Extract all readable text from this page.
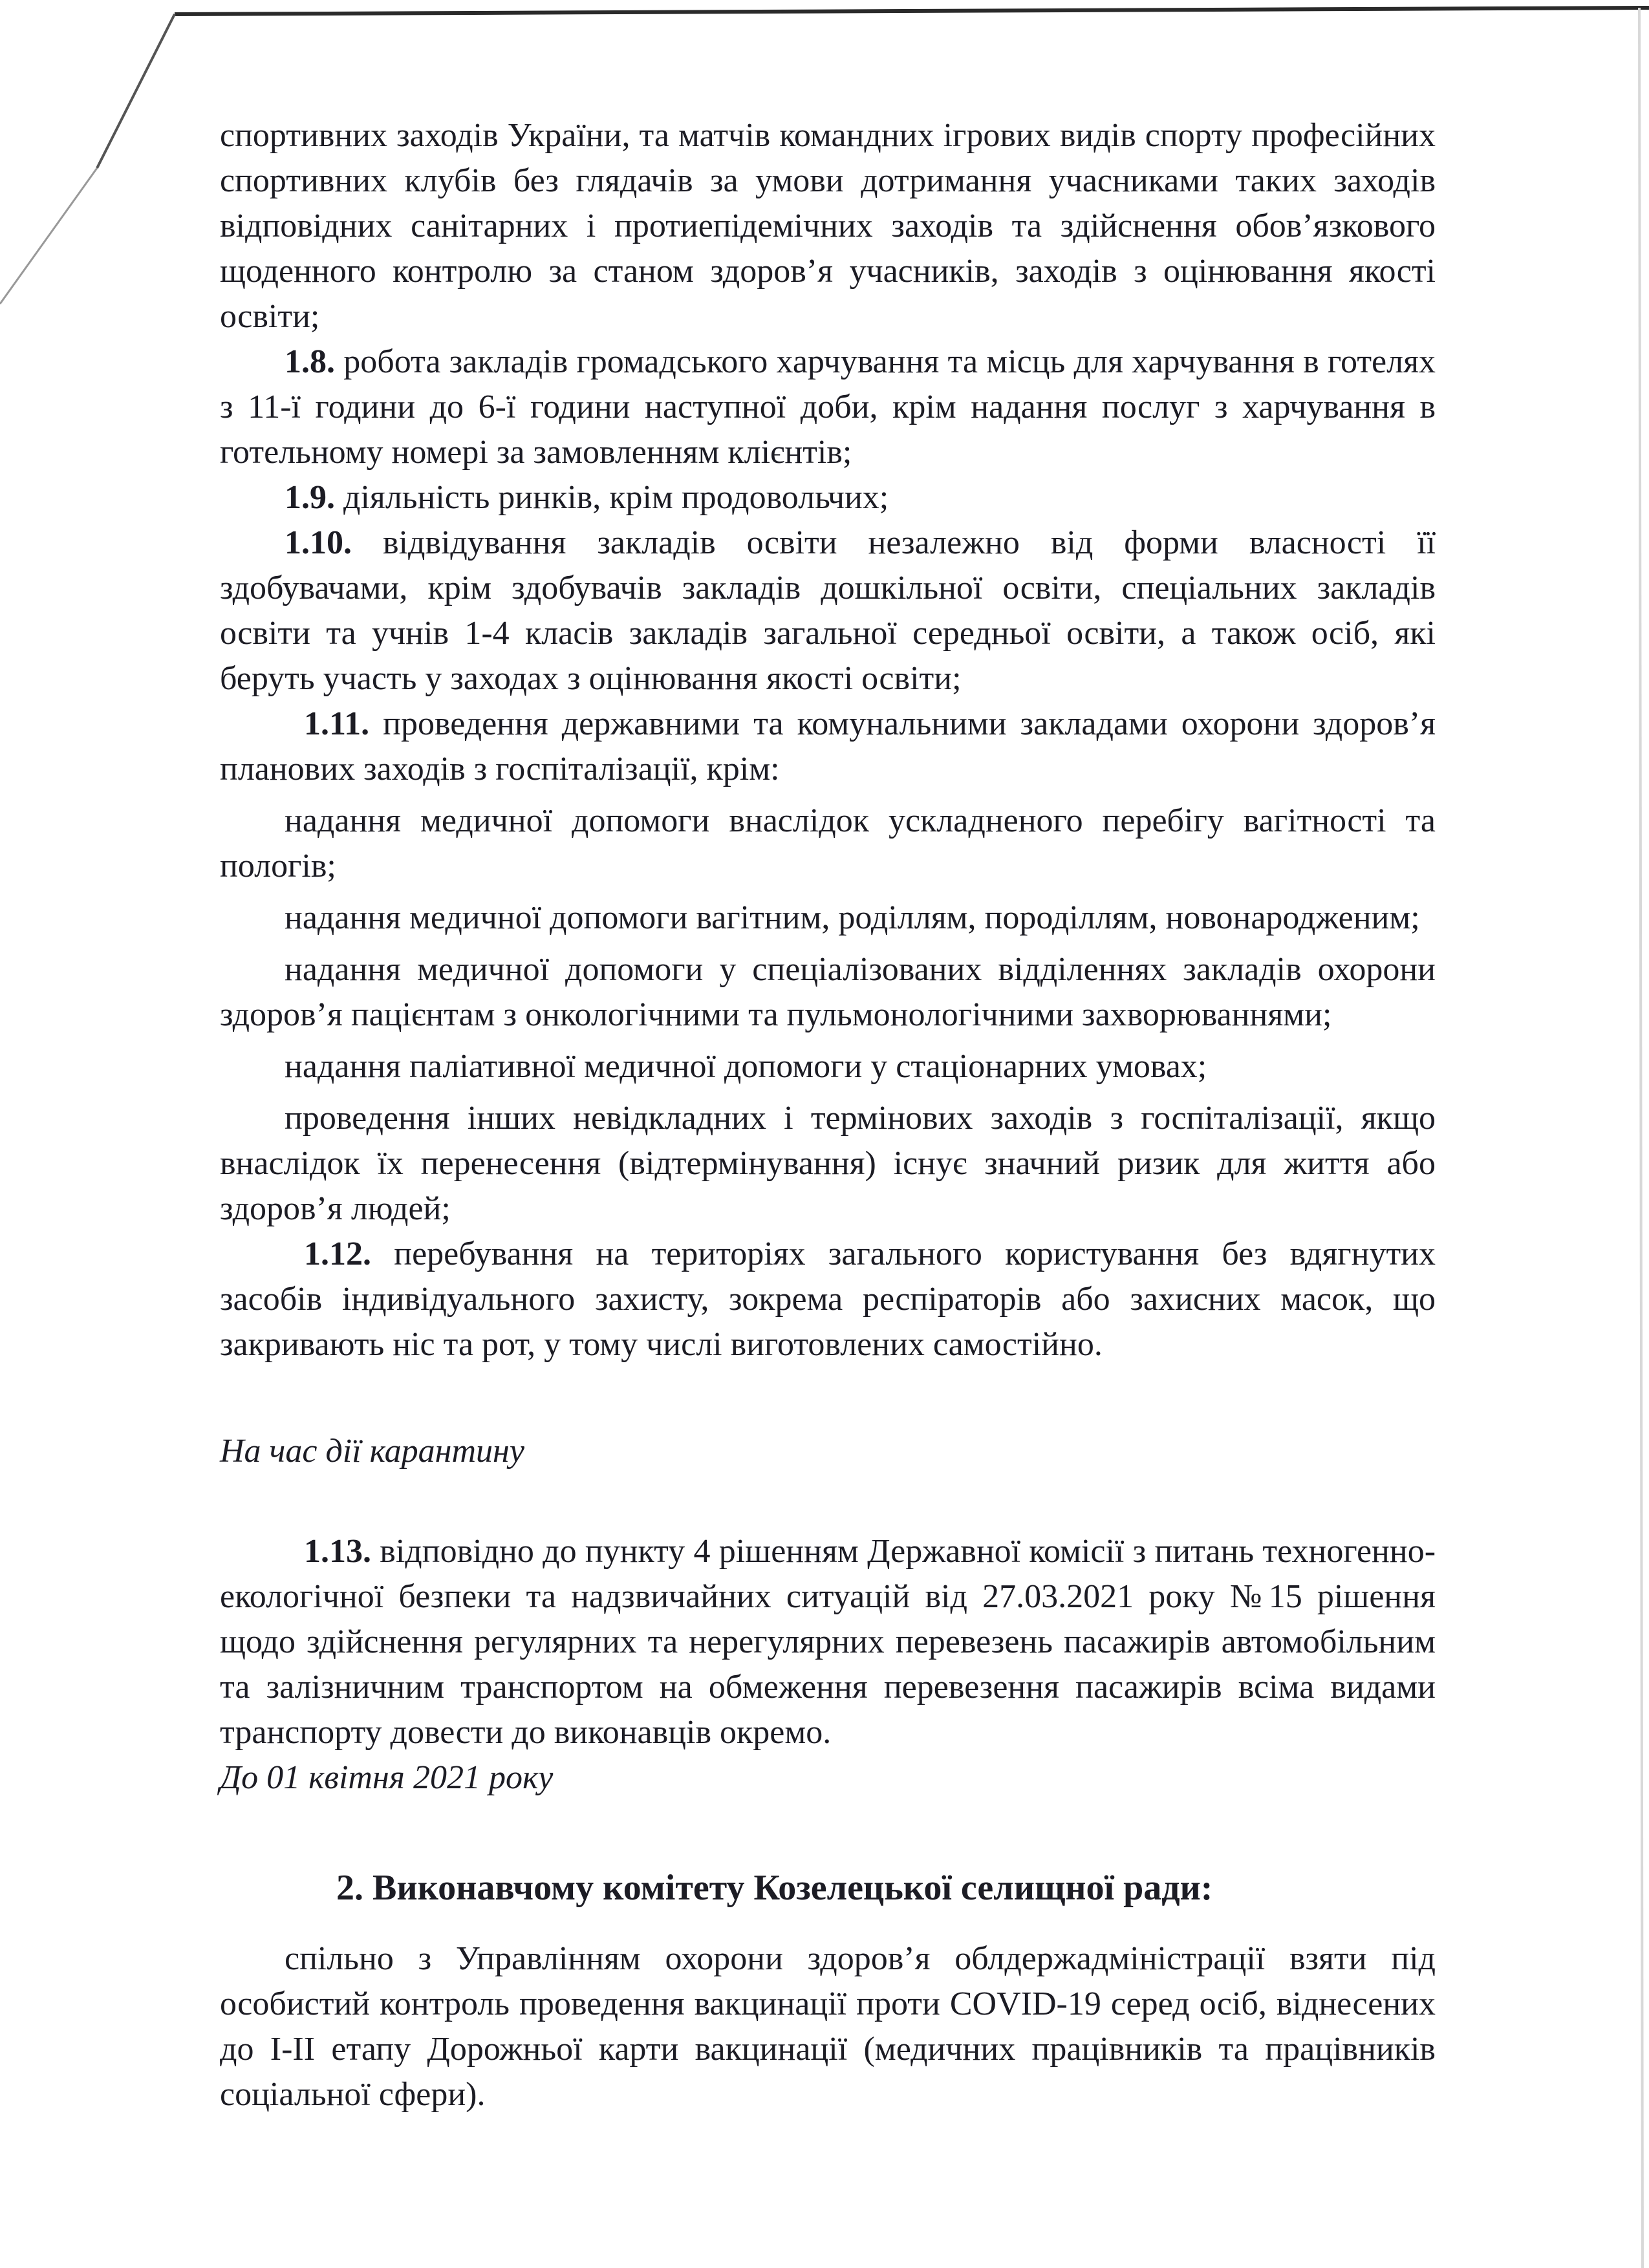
спортивних заходів України, та матчів командних ігрових видів спорту професійних спортивних клубів без глядачів за умови дотримання учасниками таких заходів відповідних санітарних і протиепідемічних заходів та здійснення обов’язкового щоденного контролю за станом здоров’я учасників, заходів з оцінювання якості освіти;

1.8. робота закладів громадського харчування та місць для харчування в готелях з 11-ї години до 6-ї години наступної доби, крім надання послуг з харчування в готельному номері за замовленням клієнтів;

1.9. діяльність ринків, крім продовольчих;

1.10. відвідування закладів освіти незалежно від форми власності її здобувачами, крім здобувачів закладів дошкільної освіти, спеціальних закладів освіти та учнів 1-4 класів закладів загальної середньої освіти, а також осіб, які беруть участь у заходах з оцінювання якості освіти;

1.11. проведення державними та комунальними закладами охорони здоров’я планових заходів з госпіталізації, крім:

надання медичної допомоги внаслідок ускладненого перебігу вагітності та пологів;

надання медичної допомоги вагітним, роділлям, породіллям, новонародженим;

надання медичної допомоги у спеціалізованих відділеннях закладів охорони здоров’я пацієнтам з онкологічними та пульмонологічними захворюваннями;

надання паліативної медичної допомоги у стаціонарних умовах;

проведення інших невідкладних і термінових заходів з госпіталізації, якщо внаслідок їх перенесення (відтермінування) існує значний ризик для життя або здоров’я людей;

1.12. перебування на територіях загального користування без вдягнутих засобів індивідуального захисту, зокрема респіраторів або захисних масок, що закривають ніс та рот, у тому числі виготовлених самостійно.

На час дії карантину

1.13. відповідно до пункту 4 рішенням Державної комісії з питань техногенно-екологічної безпеки та надзвичайних ситуацій від 27.03.2021 року №15 рішення щодо здійснення регулярних та нерегулярних перевезень пасажирів автомобільним та залізничним транспортом на обмеження перевезення пасажирів всіма видами транспорту довести до виконавців окремо.

До 01 квітня 2021 року

2. Виконавчому комітету Козелецької селищної ради:

спільно з Управлінням охорони здоров’я облдержадміністрації взяти під особистий контроль проведення вакцинації проти COVID-19 серед осіб, віднесених до I-II етапу Дорожньої карти вакцинації (медичних працівників та працівників соціальної сфери).
